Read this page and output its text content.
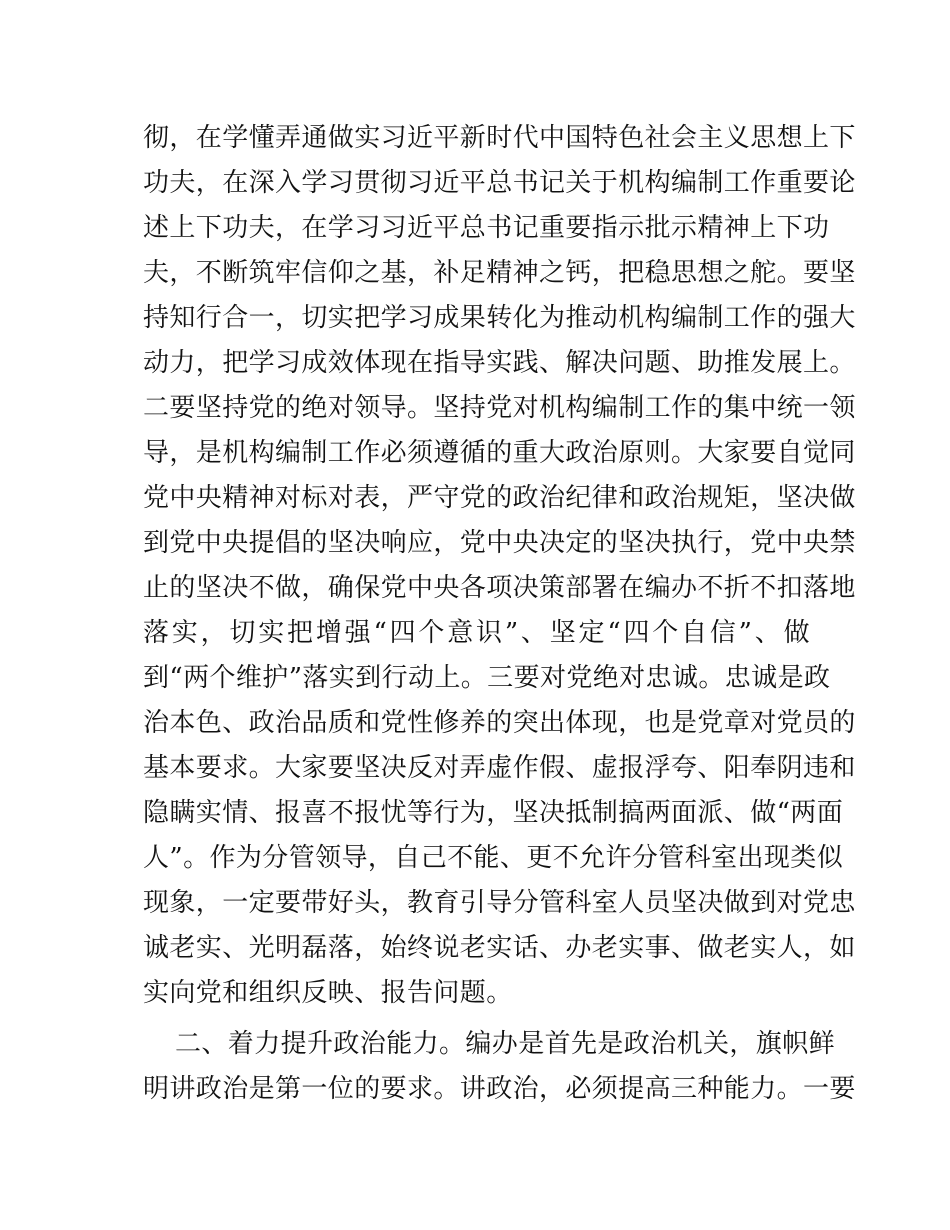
彻，在学懂弄通做实习近平新时代中国特色社会主义思想上下
功夫，在深入学习贯彻习近平总书记关于机构编制工作重要论
述上下功夫，在学习习近平总书记重要指示批示精神上下功
夫，不断筑牢信仰之基，补足精神之钙，把稳思想之舵。要坚
持知行合一，切实把学习成果转化为推动机构编制工作的强大
动力，把学习成效体现在指导实践、解决问题、助推发展上。
二要坚持党的绝对领导。坚持党对机构编制工作的集中统一领
导，是机构编制工作必须遵循的重大政治原则。大家要自觉同
党中央精神对标对表，严守党的政治纪律和政治规矩，坚决做
到党中央提倡的坚决响应，党中央决定的坚决执行，党中央禁
止的坚决不做，确保党中央各项决策部署在编办不折不扣落地
落实，切实把增强“四个意识”、坚定“四个自信”、做
到“两个维护”落实到行动上。三要对党绝对忠诚。忠诚是政
治本色、政治品质和党性修养的突出体现，也是党章对党员的
基本要求。大家要坚决反对弄虚作假、虚报浮夸、阳奉阴违和
隐瞒实情、报喜不报忧等行为，坚决抵制搞两面派、做“两面
人”。作为分管领导，自己不能、更不允许分管科室出现类似
现象，一定要带好头，教育引导分管科室人员坚决做到对党忠
诚老实、光明磊落，始终说老实话、办老实事、做老实人，如
实向党和组织反映、报告问题。
二、着力提升政治能力。编办是首先是政治机关，旗帜鲜
明讲政治是第一位的要求。讲政治，必须提高三种能力。一要
